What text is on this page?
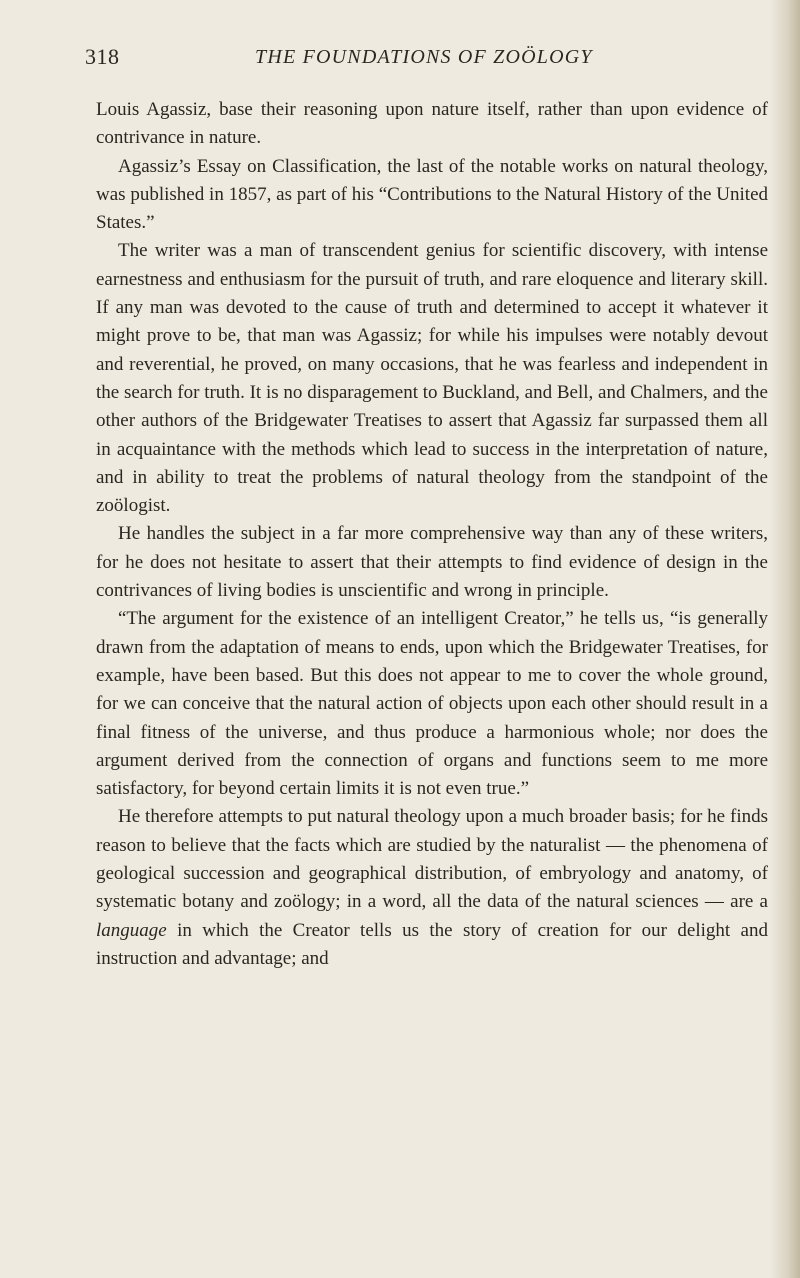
318	THE FOUNDATIONS OF ZOÖLOGY

Louis Agassiz, base their reasoning upon nature itself, rather than upon evidence of contrivance in nature.

Agassiz’s Essay on Classification, the last of the notable works on natural theology, was published in 1857, as part of his “Contributions to the Natural History of the United States.”

The writer was a man of transcendent genius for scientific discovery, with intense earnestness and enthusiasm for the pursuit of truth, and rare eloquence and literary skill. If any man was devoted to the cause of truth and determined to accept it whatever it might prove to be, that man was Agassiz; for while his impulses were notably devout and reverential, he proved, on many occasions, that he was fearless and independent in the search for truth. It is no disparagement to Buckland, and Bell, and Chalmers, and the other authors of the Bridgewater Treatises to assert that Agassiz far surpassed them all in acquaintance with the methods which lead to success in the interpretation of nature, and in ability to treat the problems of natural theology from the standpoint of the zoölogist.

He handles the subject in a far more comprehensive way than any of these writers, for he does not hesitate to assert that their attempts to find evidence of design in the contrivances of living bodies is unscientific and wrong in principle.

“The argument for the existence of an intelligent Creator,” he tells us, “is generally drawn from the adaptation of means to ends, upon which the Bridgewater Treatises, for example, have been based. But this does not appear to me to cover the whole ground, for we can conceive that the natural action of objects upon each other should result in a final fitness of the universe, and thus produce a harmonious whole; nor does the argument derived from the connection of organs and functions seem to me more satisfactory, for beyond certain limits it is not even true.”

He therefore attempts to put natural theology upon a much broader basis; for he finds reason to believe that the facts which are studied by the naturalist — the phenomena of geological succession and geographical distribution, of embryology and anatomy, of systematic botany and zoölogy; in a word, all the data of the natural sciences — are a language in which the Creator tells us the story of creation for our delight and instruction and advantage; and
